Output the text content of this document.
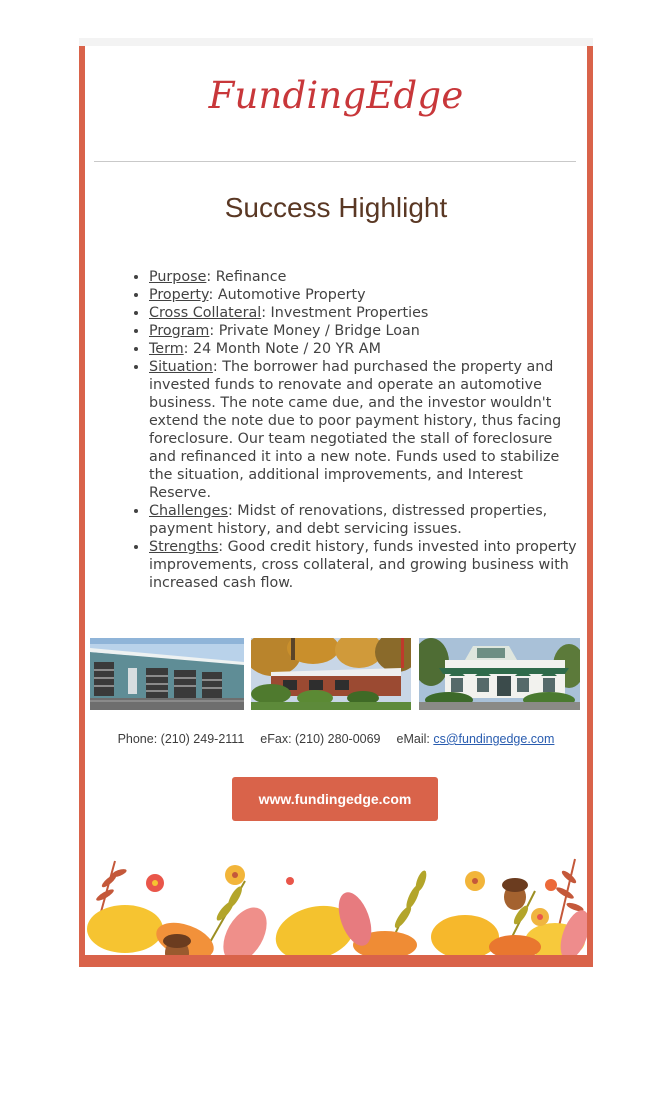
FundingEdge
Success Highlight
• Purpose: Refinance
• Property: Automotive Property
• Cross Collateral: Investment Properties
• Program: Private Money / Bridge Loan
• Term: 24 Month Note / 20 YR AM
• Situation: The borrower had purchased the property and invested funds to renovate and operate an automotive business. The note came due, and the investor wouldn't extend the note due to poor payment history, thus facing foreclosure. Our team negotiated the stall of foreclosure and refinanced it into a new note. Funds used to stabilize the situation, additional improvements, and Interest Reserve.
• Challenges: Midst of renovations, distressed properties, payment history, and debt servicing issues.
• Strengths: Good credit history, funds invested into property improvements, cross collateral, and growing business with increased cash flow.
Phone: (210) 249-2111 eFax: (210) 280-0069 eMail: cs@fundingedge.com
www.fundingedge.com
